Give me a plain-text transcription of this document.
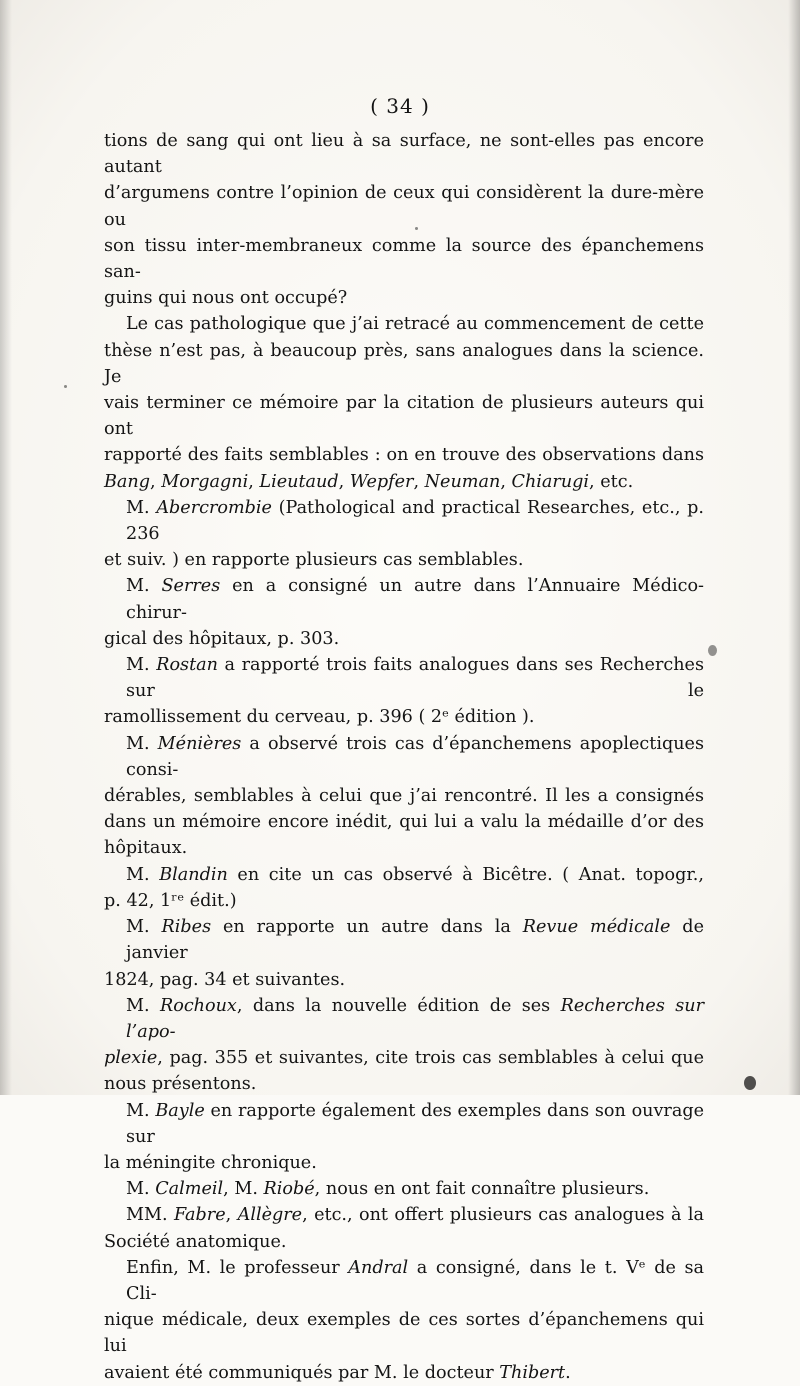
( 34 )

tions de sang qui ont lieu à sa surface, ne sont-elles pas encore autant
d’argumens contre l’opinion de ceux qui considèrent la dure-mère ou
son tissu inter-membraneux comme la source des épanchemens san-
guins qui nous ont occupé?

Le cas pathologique que j’ai retracé au commencement de cette
thèse n’est pas, à beaucoup près, sans analogues dans la science. Je
vais terminer ce mémoire par la citation de plusieurs auteurs qui ont
rapporté des faits semblables : on en trouve des observations dans
Bang, Morgagni, Lieutaud, Wepfer, Neuman, Chiarugi, etc.

M. Abercrombie (Pathological and practical Researches, etc., p. 236
et suiv. ) en rapporte plusieurs cas semblables.

M. Serres en a consigné un autre dans l’Annuaire Médico-chirur-
gical des hôpitaux, p. 303.

M. Rostan a rapporté trois faits analogues dans ses Recherches sur le
ramollissement du cerveau, p. 396 ( 2ᵉ édition ).

M. Ménières a observé trois cas d’épanchemens apoplectiques consi-
dérables, semblables à celui que j’ai rencontré. Il les a consignés
dans un mémoire encore inédit, qui lui a valu la médaille d’or des
hôpitaux.

M. Blandin en cite un cas observé à Bicêtre. ( Anat. topogr.,
p. 42, 1ʳᵉ édit.)

M. Ribes en rapporte un autre dans la Revue médicale de janvier
1824, pag. 34 et suivantes.

M. Rochoux, dans la nouvelle édition de ses Recherches sur l’apo-
plexie, pag. 355 et suivantes, cite trois cas semblables à celui que
nous présentons.

M. Bayle en rapporte également des exemples dans son ouvrage sur
la méningite chronique.

M. Calmeil, M. Riobé, nous en ont fait connaître plusieurs.

MM. Fabre, Allègre, etc., ont offert plusieurs cas analogues à la
Société anatomique.

Enfin, M. le professeur Andral a consigné, dans le t. Vᵉ de sa Cli-
nique médicale, deux exemples de ces sortes d’épanchemens qui lui
avaient été communiqués par M. le docteur Thibert.
